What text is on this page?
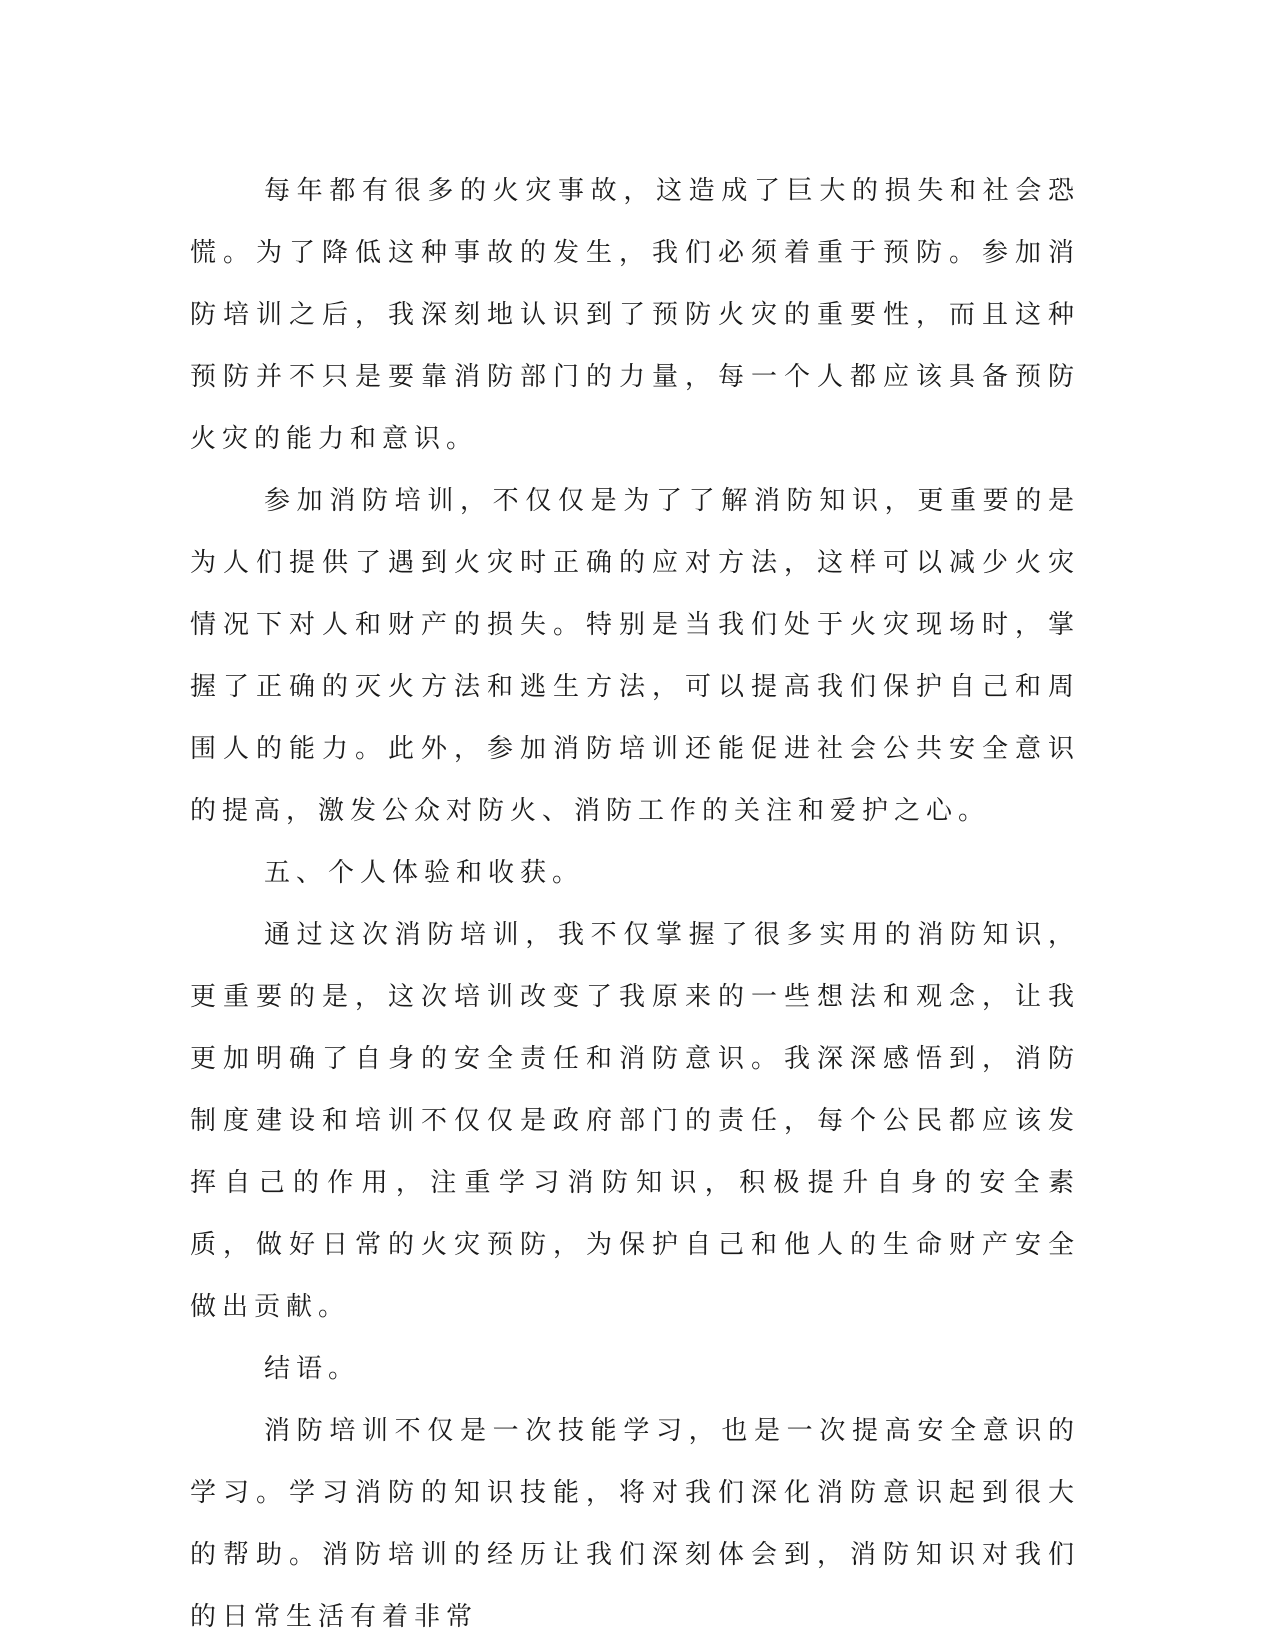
每年都有很多的火灾事故，这造成了巨大的损失和社会恐慌。为了降低这种事故的发生，我们必须着重于预防。参加消防培训之后，我深刻地认识到了预防火灾的重要性，而且这种预防并不只是要靠消防部门的力量，每一个人都应该具备预防火灾的能力和意识。

参加消防培训，不仅仅是为了了解消防知识，更重要的是为人们提供了遇到火灾时正确的应对方法，这样可以减少火灾情况下对人和财产的损失。特别是当我们处于火灾现场时，掌握了正确的灭火方法和逃生方法，可以提高我们保护自己和周围人的能力。此外，参加消防培训还能促进社会公共安全意识的提高，激发公众对防火、消防工作的关注和爱护之心。

五、个人体验和收获。

通过这次消防培训，我不仅掌握了很多实用的消防知识，更重要的是，这次培训改变了我原来的一些想法和观念，让我更加明确了自身的安全责任和消防意识。我深深感悟到，消防制度建设和培训不仅仅是政府部门的责任，每个公民都应该发挥自己的作用，注重学习消防知识，积极提升自身的安全素质，做好日常的火灾预防，为保护自己和他人的生命财产安全做出贡献。

结语。

消防培训不仅是一次技能学习，也是一次提高安全意识的学习。学习消防的知识技能，将对我们深化消防意识起到很大的帮助。消防培训的经历让我们深刻体会到，消防知识对我们的日常生活有着非常
